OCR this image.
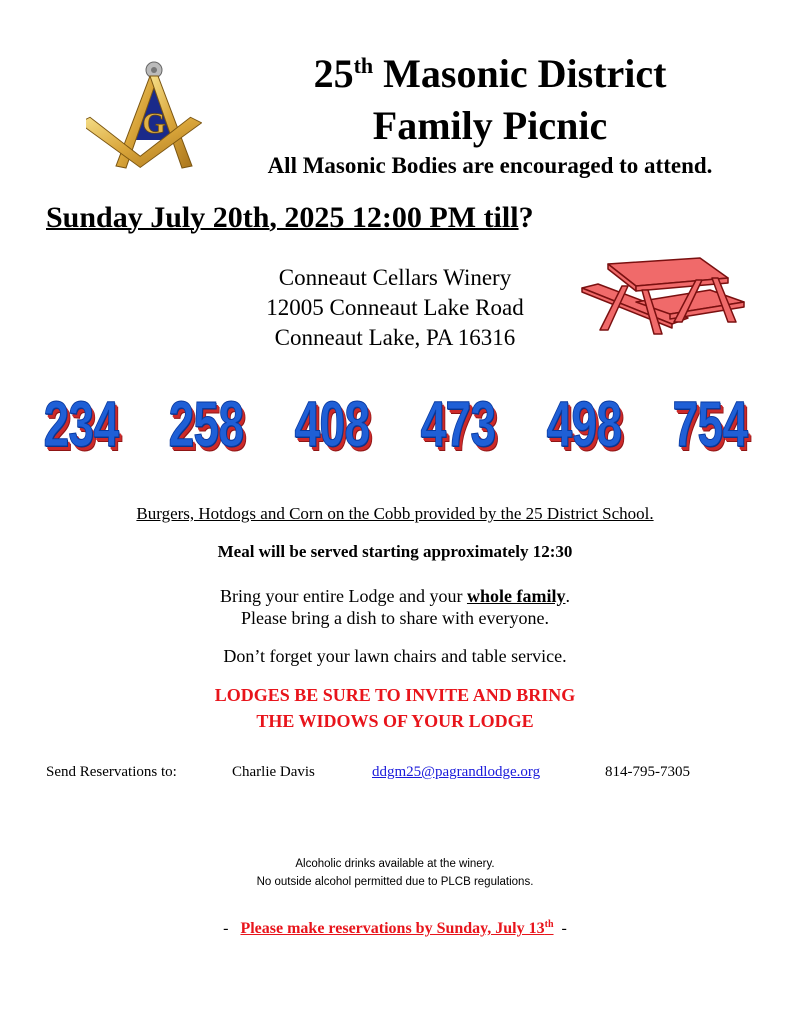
G
25th Masonic District
Family Picnic
All Masonic Bodies are encouraged to attend.
Sunday July 20th, 2025 12:00 PM till?
Conneaut Cellars Winery
12005 Conneaut Lake Road
Conneaut Lake, PA 16316
234 258 408 473 498 754
Burgers, Hotdogs and Corn on the Cobb provided by the 25 District School.
Meal will be served starting approximately 12:30
Bring your entire Lodge and your whole family.
Please bring a dish to share with everyone.
Don’t forget your lawn chairs and table service.
LODGES BE SURE TO INVITE AND BRING
THE WIDOWS OF YOUR LODGE
Send Reservations to:	Charlie Davis	ddgm25@pagrandlodge.org	814-795-7305
Alcoholic drinks available at the winery.
No outside alcohol permitted due to PLCB regulations.
- Please make reservations by Sunday, July 13th -
